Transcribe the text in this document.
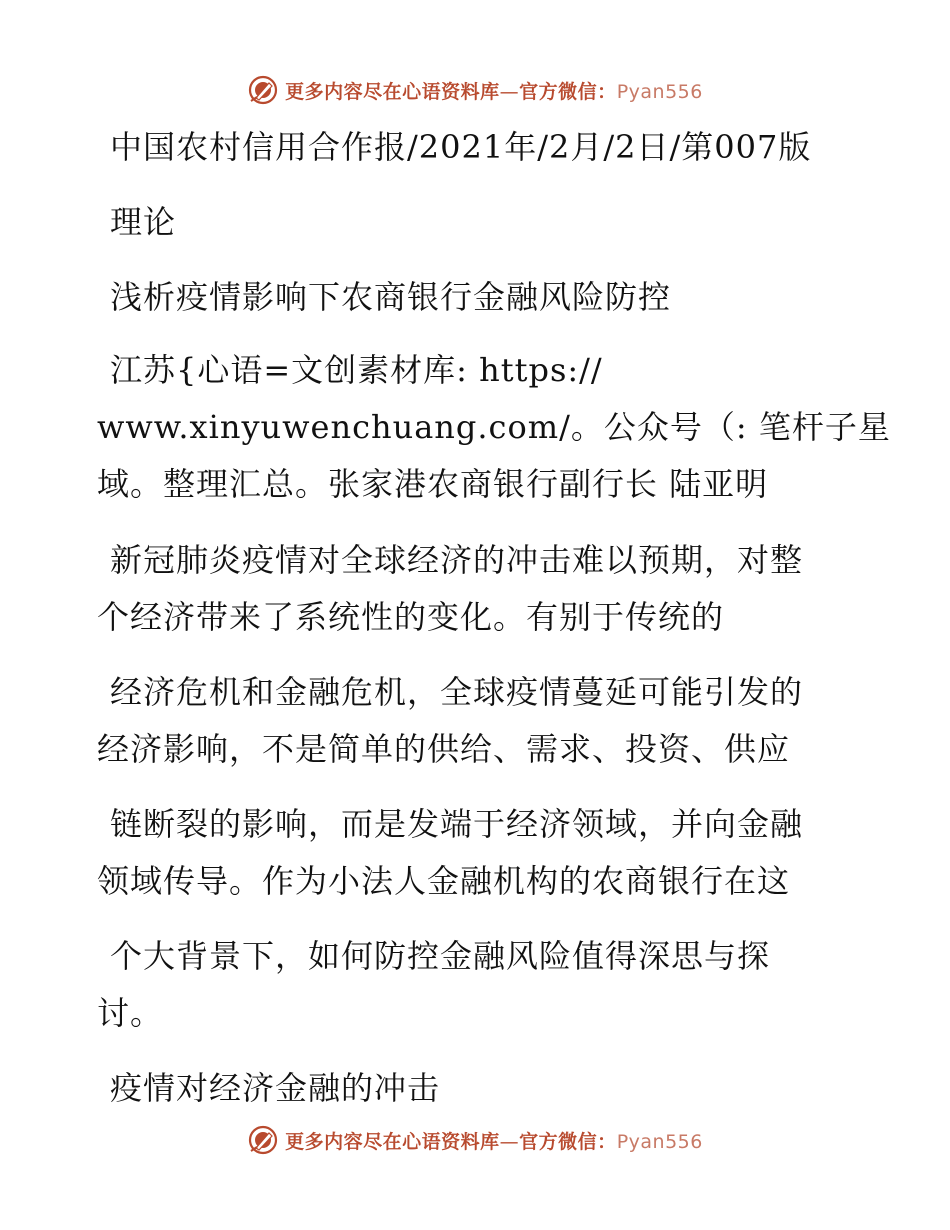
更多内容尽在心语资料库—官方微信：Pyan556
中国农村信用合作报/2021年/2月/2日/第007版
理论
浅析疫情影响下农商银行金融风险防控
江苏{心语=文创素材库: https://
www.xinyuwenchuang.com/。公众号（: 笔杆子星
域。整理汇总。张家港农商银行副行长 陆亚明
新冠肺炎疫情对全球经济的冲击难以预期，对整
个经济带来了系统性的变化。有别于传统的
经济危机和金融危机，全球疫情蔓延可能引发的
经济影响，不是简单的供给、需求、投资、供应
链断裂的影响，而是发端于经济领域，并向金融
领域传导。作为小法人金融机构的农商银行在这
个大背景下，如何防控金融风险值得深思与探
讨。
疫情对经济金融的冲击
更多内容尽在心语资料库—官方微信：Pyan556
